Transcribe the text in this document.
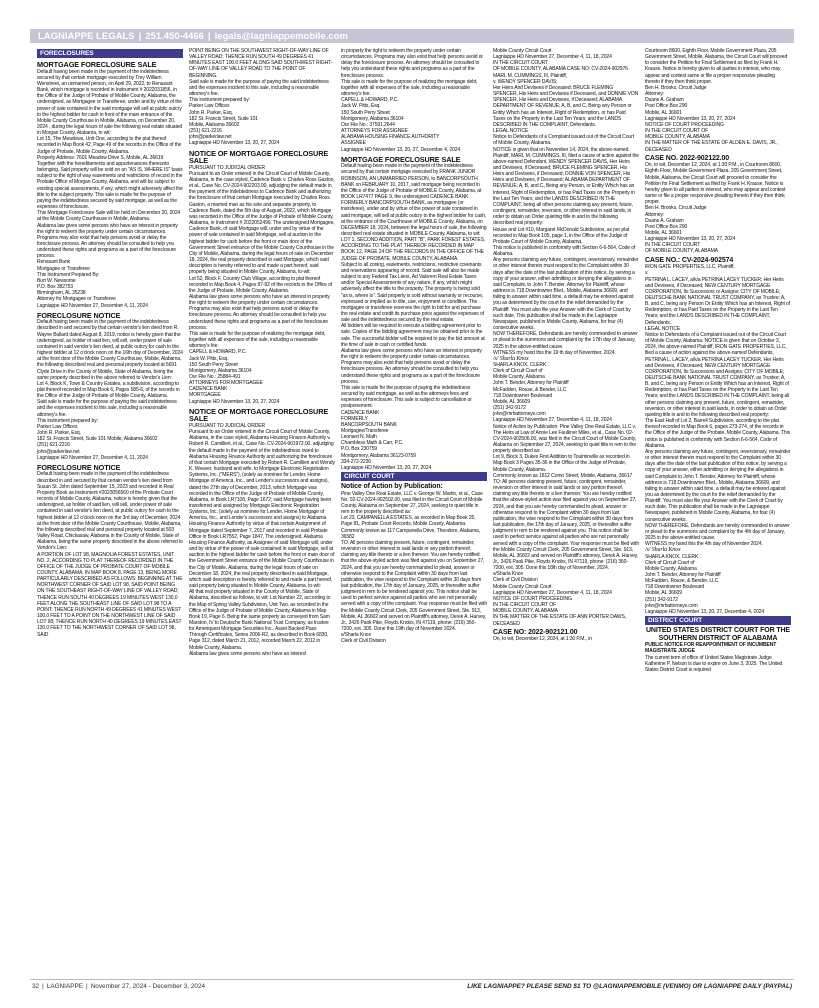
LAGNIAPPE LEGALS | 251.450-4466 | legals@lagniappemobile.com
FORECLOSURES
MORTGAGE FORECLOSURE SALE

Default having been made in the payment of the indebtedness secured by that certain mortgage executed by Trey William Wenstreet, an unmarried person, on April 29, 2022, to Renasant Bank, which mortgage is recorded in Instrument # 2022031856, in the Office of the Judge of Probate of Mobile County, Alabama, the undersigned, as Mortgagee or Transferee, under and by virtue of the power of sale contained in the said mortgage will sell at public outcry to the highest bidder for cash in front of the main entrance of the Mobile County Courthouse in Mobile, Alabama, on December 20, 2024 , during the legal hours of sale the following real estate situated in Morgan County, Alabama, to wit:

Lot 15, The Meadows, Unit One, according to the plat thereof recorded in Map Book 42, Page 49 of the records in the Office of the Judge of Probate, Mobile County, Alabama.

Property Address: 7601 Meadow Drive S, Mobile, AL 36619

Together with the hereditaments and appurtenances thereunto belonging. Said property will be sold on an "AS IS, WHERE IS" basis subject to the right of way easements and restrictions of record in the Probate Office of Morgan County, Alabama, and will be subject to existing special assessments, if any, which might adversely affect the title to the subject property. This sale is made for the purpose of paying the indebtedness secured by said mortgage, as well as the expenses of foreclosure.

This Mortgage Foreclosure Sale will be held on December 20, 2024 at the Mobile County Courthouse in Mobile, Alabama.

Alabama law gives some persons who have an interest in property the right to redeem the property under certain circumstances. Programs may also exist that help persons avoid or delay the foreclosure process. An attorney should be consulted to help you understand these rights and programs as a part of the foreclosure process.

Renasant Bank
Mortgagee or Transferee
This Instrument Prepared By:
Burt W. Newsome
P.O. Box 382753
Birmingham, AL 35238
Attorney for Mortgagee or Transferee

Lagniappe HD November 27, December 4, 11, 2024

FORECLOSURE NOTICE

Default having been made in the payment of the indebtedness described in and secured by that certain vendor's lien deed from R. Wayne Bullard dated August 8, 2019, notice is hereby given that the undersigned, as holder of said lien, will sell, under power of sale contained in said vendor's lien deed, at public outcry for cash to the highest bidder at 12 o'clock noon on the 16th day of December, 2024 at the front door of the Mobile County Courthouse, Mobile, Alabama, the following described real and personal property located at 5691 Clyde Drive in the County of Mobile, State of Alabama, being the same property described in the above referred to Vendor's Lien:

Lot 4, Block K, Town & Country Estates, a subdivision, according to plat thereof recorded in Map Book 6, Pages 585-6, of the records in the Office of the Judge of Probate of Mobile County, Alabama.

Said sale is made for the purpose of paying the said indebtedness and the expenses incident to this sale, including a reasonable attorney's fee.

This instrument prepared by:
Parker Law Offices
John R. Parker, Esq.
182 St. Francis Street, Suite 101 Mobile, Alabama 36602
(251) 621-2216
john@parkerlaw.net

Lagniappe HD November 27, December 4, 11, 2024

FORECLOSURE NOTICE

Default having been made in the payment of the indebtedness described in and secured by that certain vendor's lien deed from Susan St. John dated September 15, 2023 and recorded in Real Property Book as Instrument #2023056560 of the Probate Court records of Mobile County, Alabama, notice is hereby given that the undersigned, as holder of said lien, will sell, under power of sale contained in said vendor's lien deed, at public outcry for cash to the highest bidder at 12 o'clock noon on the 3rd day of December, 2024 at the front door of the Mobile County Courthouse, Mobile, Alabama, the following described real and personal property located at 503 Valley Road, Chickasaw, Alabama in the County of Mobile, State of Alabama, being the same property described in the above referred to Vendor's Lien:

A PORTION OF LOT 98, MAGNOLIA FOREST ESTATES, UNIT NO. 2, ACCORDING TO PLAT THEREOF RECORDED IN THE OFFICE OF THE JUDGE OF PROBATE COURT OF MOBILE COUNTY, ALABAMA, IN MAP BOOK 8, PAGE 13, BEING MORE PARTICULARLY DESCRIBED AS FOLLOWS: BEGINNING AT THE NORTHWEST CORNER OF SAID LOT 98, SAID POINT BEING ON THE SOUTHEAST RIGHT-OF-WAY LINE OF VALLEY ROAD; THENCE RUN SOUTH 40 DEGREES 19 MINUTES WEST 130.0 FEET ALONG THE SOUTHEAST LINE OF SAID LOT 98 TO A POINT; THENCE RUN NORTH 49 DEGREES 41 MINUTES WEST 100.0 FEET TO A POINT ON THE NORTHWEST LINE OF SAID LOT 98; THENCE RUN NORTH 40 DEGREES 19 MINUTES EAST 130.0 FEET TO THE NORTHWEST CORNER OF SAID LOT 98, SAID

POINT BEING ON THE SOUTHWEST RIGHT-OF-WAY LINE OF VALLEY ROAD; THENCE RUN SOUTH 49 DEGREES 41 MINUTES EAST 100.0 FEET ALONG SAID SOUTHWEST RIGHT-OF-WAY LINE OF VALLEY ROAD TO THE POINT OF BEGINNING.

Said sale is made for the purpose of paying the said indebtedness and the expenses incident to this sale, including a reasonable attorney's fee.

This instrument prepared by:
Parker Law Offices
John R. Parker, Esq.
182 St. Francis Street, Suite 101
Mobile, Alabama 36602
(251) 621-2216
john@parkerlaw.net

Lagniappe HD November 13, 20, 27, 2024

NOTICE OF MORTGAGE FORECLOSURE SALE

PURSUANT TO JUDICIAL ORDER
Pursuant to an Order entered in the Circuit Court of Mobile County, Alabama, in the case styled, Cadence Bank v. Charles Ross Gaston, et al., Case No. CV-2024-902203.00, adjudging the default made in the payment of the indebtedness to Cadence Bank and authorizing the foreclosure of that certain Mortgage executed by Charles Ross Gaston, a married man as his sole and separate property, to Cadence Bank, dated the 5th day of August, 2022, which Mortgage was recorded in the Office of the Judge of Probate of Mobile County, Alabama, in Instrument # 2022052499. The undersigned Mortgagee, Cadence Bank, of said Mortgage will, under and by virtue of the power of sale contained in said Mortgage, sell at auction to the highest bidder for cash before the front or main door of the Government Street entrance of the Mobile County Courthouse in the City of Mobile, Alabama, during the legal hours of sale on December 18, 2024, the real property described in said Mortgage, which said description is hereby referred to and made a part hereof, said property being situated in Mobile County, Alabama, to-wit:

Lot 52, Block F, Country Club Village, according to plat thereof recorded in Map Book 4, Pages 87-92 of the records in the Office of the Judge of Probate, Mobile County, Alabama.

Alabama law gives some persons who have an interest in property the right to redeem the property under certain circumstances. Programs may also exist that help persons avoid or delay the foreclosure process. An attorney should be consulted to help you understand these rights and programs as a part of the foreclosure process.

This sale is made for the purpose of realizing the mortgage debt, together with all expenses of the sale, including a reasonable attorney's fee.
CAPELL & HOWARD, P.C.
Jack W. Pitts, Esq.
150 South Perry Street
Montgomery, Alabama 36104
Our File No.: 25884-491
ATTORNEYS FOR MORTGAGEE
CADENCE BANK
MORTGAGEE

Lagniappe HD November 13, 20, 27, 2024

NOTICE OF MORTGAGE FORECLOSURE SALE

PURSUANT TO JUDICIAL ORDER
Pursuant to an Order entered in the Circuit Court of Mobile County, Alabama, in the case styled, Alabama Housing Finance Authority v. Robert R. Camillieri, et al., Case No. CV-2024-901972.00, adjudging the default made in the payment of the indebtedness owed to Alabama Housing Finance Authority and authorizing the foreclosure of that certain Mortgage executed by Robert R. Camillieri and Wendy K. Weaver, husband and wife, to Mortgage Electronic Registration Systems, Inc. ("MERS"), (solely as nominee for Lender, Home Mortgage of America, Inc., and Lender's successors and assigns), dated the 27th day of December, 2013, which Mortgage was recorded in the Office of the Judge of Probate of Mobile County, Alabama, in Book LR7108, Page 1672; said Mortgage having been transferred and assigned by Mortgage Electronic Registration Systems, Inc. (solely as nominee for Lender, Home Mortgage of America, Inc., and Lender's successors and assigns) to Alabama Housing Finance Authority by virtue of that certain Assignment of Mortgage dated September 7, 2017 and recorded in said Probate Office in Book LR7552, Page 1847. The undersigned, Alabama Housing Finance Authority, as Assignee of said Mortgage will, under and by virtue of the power of sale contained in said Mortgage, sell at auction to the highest bidder for cash before the front or main door of the Government Street entrance of the Mobile County Courthouse in the City of Mobile, Alabama, during the legal hours of sale on December 18, 2024, the real property described in said Mortgage, which said description is hereby referred to and made a part hereof, said property being situated in Mobile County, Alabama, to-wit:

All that real property situated in the County of Mobile, State of Alabama, described as follows, to wit: Lot Number 22, according to the Map of Spring Valley Subdivision, Unit Two, as recorded in the Office of the Judge of Probate of Mobile County, Alabama in Map Book 19, Page 6. Being the same property as conveyed from Sam Marston, IV to Deutsche Bank National Trust Company, as trustee for Ameriquest Mortgage Securities Inc., Asset Backed Pass Through Certificates, Series 2006-R2, as described in Book 6830, Page 312, dated March 21, 2012, recorded March 22, 2012 in Mobile County, Alabama.

Alabama law gives some persons who have an interest

in property the right to redeem the property under certain circumstances. Programs may also exist that help persons avoid or delay the foreclosure process. An attorney should be consulted to help you understand these rights and programs as a part of the foreclosure process.

This sale is made for the purpose of realizing the mortgage debt, together with all expenses of the sale, including a reasonable attorney's fee.
CAPELL & HOWARD, P.C.
Jack W. Pitts, Esq.
150 South Perry Street
Montgomery, Alabama 36104
Our File No.: 37591.2644
ATTORNEYS FOR ASSIGNEE
ALABAMA HOUSING FINANCE AUTHORITY
ASSIGNEE

Lagniappe HD November 13, 20, 27, December 4, 2024

MORTGAGE FORECLOSURE SALE

Default having been made in the payment of the indebtedness secured by that certain mortgage executed by FRANK JUNIOR ROBINSON, AN UNMARRIED PERSON, to BANCORPSOUTH BANK on FEBRUARY 10, 2017, said mortgage being recorded in the Office of the Judge of Probate of MOBILE County, Alabama, at BOOK LR7477 PAGE 9, the undersigned CADENCE BANK FORMERLY BANCORPSOUTH BANK, as mortgagee (or transferee), under and by virtue of the power of sale contained in said mortgage, will sell at public outcry to the highest bidder for cash, at the entrance of the Courthouse of MOBILE County, Alabama, on DECEMBER 18, 2024, between the legal hours of sale, the following described real estate situated in MOBILE County, Alabama, to wit:

LOT 1, SECOND ADDITION, PART "B", PARK FOREST ESTATES, ACCORDING TO THE PLAT THEREOF RECORDED IN MAP BOOK 12, PAGE 24 OF THE RECORDS IN THE OFFICE OF THE JUDGE OF PROBATE, MOBILE COUNTY, ALABAMA.

Subject to all zoning, easements, restrictions, restrictive covenants and reservations appearing of record. Said sale will also be made subject to any Federal Tax Liens, Ad Valorem Real Estate Taxes and/or Special Assessments of any nature, if any, which might adversely affect the title to the property. The property is being sold "as is, where is". Said property is sold without warranty or recourse, expressed or implied as to title, use, enjoyment or condition. The mortgagee or transferee reserves the right to bid for and purchase the real estate and credit its purchase price against the expenses of sale and the indebtedness secured by the real estate.

All bidders will be required to execute a bidding agreement prior to sale. Copies of the bidding agreement may be obtained prior to the sale. The successful bidder will be required to pay the bid amount at the time of sale in cash or certified funds.

Alabama law gives some persons who have an interest in property the right to redeem the property under certain circumstances. Programs may also exist that help persons avoid or delay the foreclosure process. An attorney should be consulted to help you understand these rights and programs as a part of the foreclosure process.

This sale is made for the purpose of paying the indebtedness secured by said mortgage, as well as the attorneys fees and expenses of foreclosure. This sale is subject to cancellation or postponement.
CADENCE BANK
FORMERLY
BANCORPSOUTH BANK
Mortgagee/Transferee
Leonard N. Math
Chambless Math & Carr, P.C.
P.O. Box 230759
Montgomery, Alabama 36123-0759
334-272-2230

Lagniappe HD November 13, 20, 27, 2024

CIRCUIT COURT
Notice of Action by Publication:

Pine Valley One Real Estate, LLC v. George W. Martin, et al., Case No. 02-CV-2024-902502.00, was filed in the Circuit Court of Mobile County, Alabama on September 27, 2024, seeking to quiet title in rem to the property described as:

Lot 23, CAMPANELLA ESTATES, as recorded in Map Book 25, Page 81, Probate Court Records, Mobile County, Alabama.
Commonly known as 117 Campanella Drive, Theodore, Alabama, 36582

TO: All persons claiming present, future, contingent, remainder, reversion or other interest in said lands or any portion thereof, claiming any title thereto or a lien thereon: You are hereby notified that the above-styled action was filed against you on September 27, 2024, and that you are hereby commanded to plead, answer or otherwise respond to the Complaint within 30 days from last publication, the wise respond to the Complaint within 30 days from last publication, the 17th day of January, 2025, or thereafter suffer judgment in rem to be rendered against you. This notice shall be used to perfect service against all parties who are not personally served with a copy of the complaint. Your response must be filed with the Mobile County Circuit Clerk, 205 Government Street, Ste. 913, Mobile, AL 36602 and served on Plaintiff's attorney, Derek A. Harvey, Jr., 3426 Paoli Pike, Floyds Knobs, IN 47119, phone: (216) 360-7200, ext. 305. Done this 19th day of November 2024.

s/Sharla Knox
Clerk of Civil Division

Mobile County Circuit Court

Lagniappe HD November 27, December 4, 11, 18, 2024

IN THE CIRCUIT COURT
OF MOBILE COUNTY, ALABAMA CASE NO: CV-2024-902976
MARL M. CUMMINGS, III, Plaintiff,
v. WENDY SPENCER DAVIS;
Her Heirs And Devisees if Deceased; BRUCE FLEMING SPENCER, His Heirs and Devisees if Deceased, and DONNIE VON SPENCER, His Heirs and Devisees, if Deceased; ALABAMA DEPARTMENT OF REVENUE; A, B, and C, Being any Person or Entity Which has an Interest, Right of Redemption, or has Paid Taxes on the Property in the Last Ten Years; and the LANDS DESCRIBED IN THE COMPLAINT, Defendants.
LEGAL NOTICE

Notice to Defendants of a Complaint issued out of the Circuit Court of Mobile County, Alabama.

NOTICE is given that on November 14, 2024, the above-named Plaintiff, MARL M. CUMMINGS, III, filed a cause of action against the above-named Defendant, WENDY SPENCER DAVIS, Her Heirs and Devisees, if Deceased; BRUCE FLEMING SPENCER, His Heirs and Devisees, if Deceased; DONNIE VON SPENCER, His Heirs and Devisees, if Deceased; ALABAMA DEPARTMENT OF REVENUE; A, B, and C, Being any Person, or Entity Which has an Interest, Right of Redemption, or has Paid Taxes on the Property in the Last Ten Years; and the LANDS DESCRIBED IN THE COMPLAINT, being all other persons claiming any present, future, contingent, remainder, reversion, or other interest in said lands, in order to obtain an Order quieting title in and to the following described real property:

House and Lot #10, Margaret McDonald Subdivision, as per plat recorded in Map Book 105, page 1, in the Office of the Judge of Probate Court of Mobile County, Alabama.

This notice is published in conformity with Section 6-6-564, Code of Alabama.

Any persons claiming any future, contingent, reversionary, remainder or other interest therein must respond to the Complaint within 30 days after the date of the last publication of this notice, by serving a copy of your answer, either admitting or denying the allegations in said Complaint, to John T. Bender, Attorney for Plaintiff, whose address is 718 Downtowner Blvd., Mobile, Alabama 36609, and failing to answer within said time, a default may be entered against you as determined by the court for the relief demanded by the Plaintiff. You must also file your Answer with the Clerk of Court by such date. This publication shall be made in the Lagniappe Newspaper, published in Mobile County, Alabama, for four (4) consecutive weeks.

NOW THEREFORE, Defendants are hereby commanded to answer or plead to the summons and complaint by the 17th day of January, 2025 in the above-entitled cause.

WITNESS my hand this the 19 th day of November, 2024.

/s/ Sharla Knox

SHARLA KNOX, CLERK
Clerk of Circuit Court of
Mobile County, Alabama
John T. Bender, Attorney for Plaintiff
McFadden, Rouse, & Bender, LLC
718 Downtowner Boulevard
Mobile, AL 36609
(251) 342-9172
john@mrbattorneys.com

Lagniappe HD November 27, December 4, 11, 18, 2024

Notice of Action by Publication: Pine Valley One Real Estate, LLC v. The Heirs at Law of Annie Lee Faulkner Miles, et al., Case No. 02-CV-2024-902506.00, was filed in the Circuit Court of Mobile County, Alabama on September 27, 2024, seeking to quiet title in rem to the property described as:

Lot 9, Block 3, Dukes First Addition to Toulminville as recorded in Map Book 3 Pages 35-36 in the Office of the Judge of Probate, Mobile County, Alabama.
Commonly known as 1812 Como Street, Mobile, Alabama, 36617

TO: All persons claiming present, future, contingent, remainder, reversion or other interest in said lands or any portion thereof, claiming any title thereto or a lien thereon: You are hereby notified that the above-styled action was filed against you on September 27, 2024, and that you are hereby commanded to plead, answer or otherwise respond to the Complaint within 30 days from last publication, the wise respond to the Complaint within 30 days from last publication, the 17th day of January, 2025, or thereafter suffer judgment in rem to be rendered against you. This notice shall be used to perfect service against all parties who are not personally served with a copy of the complaint. Your response must be filed with the Mobile County Circuit Clerk, 205 Government Street, Ste. 913, Mobile, AL 36602 and served on Plaintiff's attorney, Derek A. Harvey, Jr., 3426 Paoli Pike, Floyds Knobs, IN 47119, phone: (216) 360-7200, ext. 305. Done this 18th day of November, 2024.

s/Sharla Knox
Clerk of Civil Division
Mobile County Circuit Court

Lagniappe HD November 27, December 4, 11, 18, 2024

NOTICE OF COURT PROCEEDING
IN THE CIRCUIT COURT OF
MOBILE COUNTY, ALABAMA
IN THE MATTER OF THE ESTATE OF ANN PORTER DAWS, DECEASED

CASE NO: 2022-902121.00

On, to wit, December 12, 2024, at 1:30 P.M., in

Courtroom 8600, Eighth Floor, Mobile Government Plaza, 205 Government Street, Mobile, Alabama, the Circuit Court will proceed to consider the Petition for Final Settlement as filed by Frank H. Krause. Notice is hereby given to all parties in interest, who may appear and contest same or file a proper responsive pleading thereto if they then think proper.
Ben H. Brooks, Circuit Judge
Attorney:
Duane A. Graham
Post Office Box 290
Mobile, AL 36601

Lagniappe HD November 13, 20, 27, 2024

NOTICE OF COURT PROCEEDING
IN THE CIRCUIT COURT OF
MOBILE COUNTY, ALABAMA
IN THE MATTER OF THE ESTATE OF ALDEN E. DAVIS, JR., DECEASED

CASE NO. 2022-902122.00

On, to wit, December 12, 2024, at 1:30 P.M., in Courtroom 8600, Eighth Floor, Mobile Government Plaza, 205 Government Street, Mobile, Alabama, the Circuit Court will proceed to consider the Petition for Final Settlement as filed by Frank H. Krause. Notice is hereby given to all parties in interest, who may appear and contest same or file a proper responsive pleading thereto if they then think proper.
Ben H. Brooks, Circuit Judge
Attorney:
Duane A. Graham
Post Office Box 290
Mobile, AL 36601

Lagniappe HD November 13, 20, 27, 2024

IN THE CIRCUIT COURT
OF MOBILE COUNTY, ALABAMA

CASE NO.: CV-2024-902574

IRON GATE PROPERTIES, LLC, Plaintiff,
v.
PETRINA L. LACEY, a/k/a PETRINA LACEY TUCKER; Her Heirs and Devisees, if Deceased; NEW CENTURY MORTGAGE CORPORATION, Its Successors or Assigns; CITY OF MOBILE; DEUTSCHE BANK NATIONAL TRUST COMPANY, as Trustee; A, B, and C, being any Person Or Entity Which has an Interest, Right of Redemption, or has Paid Taxes on the Property in the Last Ten Years; and the LANDS DESCRIBED IN THE COMPLAINT, Defendants.
LEGAL NOTICE

Notice to Defendants of a Complaint issued out of the Circuit Court of Mobile County, Alabama. NOTICE is given that on October 3, 2024, the above-named Plaintiff, IRON GATE PROPERTIES, LLC, filed a cause of action against the above-named Defendants, PETRINA L. LACEY, a/k/a PETRINA LACEY TUCKER, Her Heirs and Devisees, if Deceased; NEW CENTURY MORTGAGE CORPORATION, Its Successors and Assigns; CITY OF MOBILE; DEUTSCHE BANK NATIONAL TRUST COMPANY, as Trustee; A, B, and C, being any Person or Entity Which has an Interest, Right of Redemption, or has Paid Taxes on the Property in the Last Ten Years; and the LANDS DESCRIBED IN THE COMPLAINT, being all other persons claiming any present, future, contingent, remainder, reversion, or other interest in said lands, in order to obtain an Order quieting title in and to the following described real property:

The East Half of Lot 2, Barrell Subdivision, according to the plat thereof recorded in Map Book 6, pages 273-274, of the records in the Office of the Judge of the Probate, Mobile County, Alabama. This notice is published in conformity with Section 6-6-564, Code of Alabama.

Any persons claiming any future, contingent, reversionary, remainder or other interest therein must respond to the Complaint within 30 days after the date of the last publication of this notice, by serving a copy of your answer, either admitting or denying the allegations in said Complaint to John T. Bender, Attorney for Plaintiff, whose address is 718 Downtowner Blvd., Mobile, Alabama 36609, and failing to answer within said time, a default may be entered against you as determined by the court for the relief demanded by the Plaintiff. You must also file your Answer with the Clerk of Court by such date. This publication shall be made in the Lagniappe Newspaper, published in Mobile County, Alabama, for four (4) consecutive weeks.

NOW THEREFORE, Defendants are hereby commanded to answer or plead to the summons and complaint by the 4th day of January, 2025 in the above-entitled cause.

WITNESS my hand this the 4th day of November 2024.

/s/ Sharla Knox

SHARLA KNOX, CLERK
Clerk of Circuit Court of
Mobile County, Alabama
John T. Bender, Attorney for Plaintiff
McFadden, Rouse, & Bender, LLC
718 Downtowner Boulevard
Mobile, AL 36609
(251) 342-9172
john@mrbattorneys.com

Lagniappe HD November 13, 20, 27, December 4, 2024

DISTRICT COURT
UNITED STATES DISTRICT COURT FOR THE SOUTHERN DISTRICT OF ALABAMA

PUBLIC NOTICE FOR REAPPOINTMENT OF INCUMBENT MAGISTRATE JUDGE

The current term of office of United States Magistrate Judge Katherine P. Nelson is due to expire on June 3, 2025. The United States District Court is required

32 | LAGNIAPPE | November 27, 2024 - December 3, 2024	LIKE LAGNIAPPE? PLEASE SEND $1 TO @LAGNIAPPEMOBILE (VENMO) OR LAGNIAPPE DAILY (PAYPAL)
